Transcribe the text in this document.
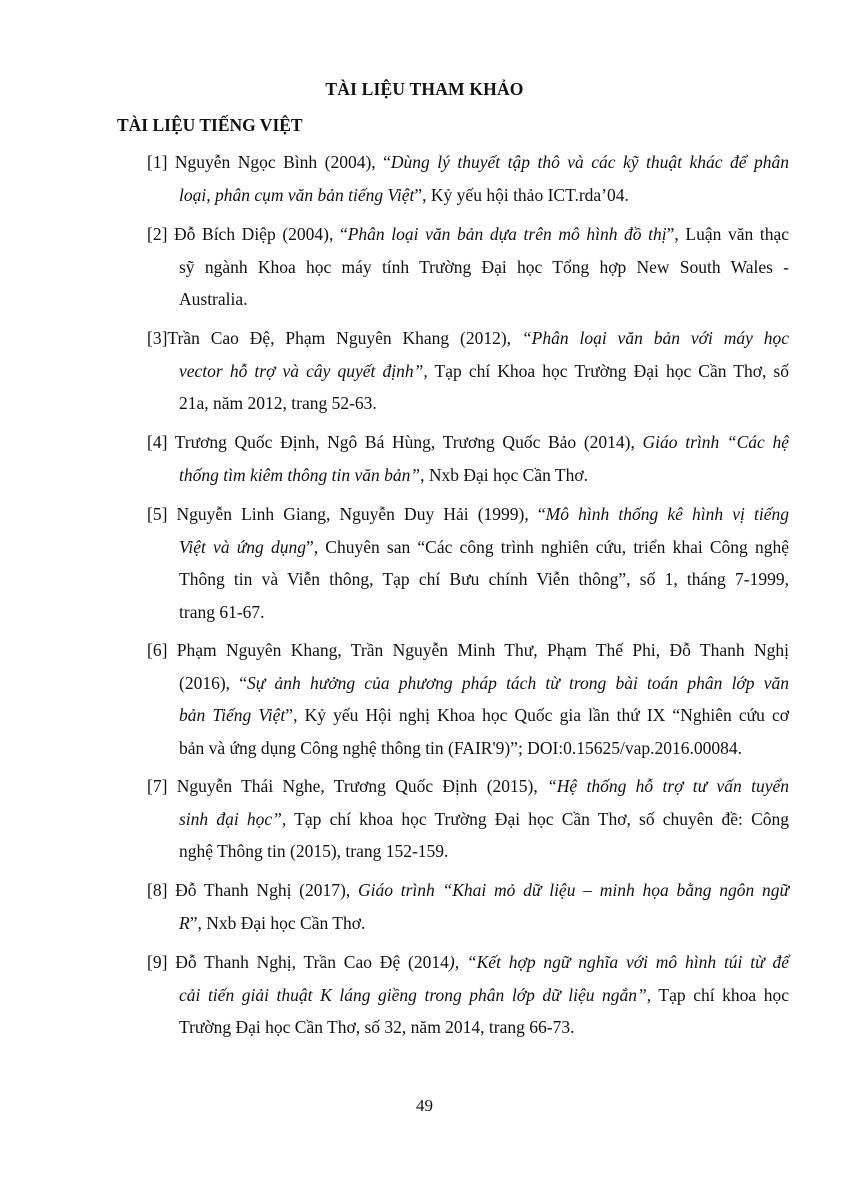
TÀI LIỆU THAM KHẢO
TÀI LIỆU TIẾNG VIỆT
[1] Nguyễn Ngọc Bình (2004), “Dùng lý thuyết tập thô và các kỹ thuật khác để phân
loại, phân cụm văn bản tiếng Việt”, Kỷ yếu hội thảo ICT.rda’04.
[2] Đỗ Bích Diệp (2004), “Phân loại văn bản dựa trên mô hình đồ thị”, Luận văn thạc
sỹ ngành Khoa học máy tính Trường Đại học Tổng hợp New South Wales -
Australia.
[3]Trần Cao Đệ, Phạm Nguyên Khang (2012), “Phân loại văn bản với máy học
vector hỗ trợ và cây quyết định”, Tạp chí Khoa học Trường Đại học Cần Thơ, số
21a, năm 2012, trang 52-63.
[4] Trương Quốc Định, Ngô Bá Hùng, Trương Quốc Bảo (2014), Giáo trình “Các hệ
thống tìm kiêm thông tin văn bản”, Nxb Đại học Cần Thơ.
[5] Nguyễn Linh Giang, Nguyễn Duy Hải (1999), “Mô hình thống kê hình vị tiếng
Việt và ứng dụng”, Chuyên san “Các công trình nghiên cứu, triển khai Công nghệ
Thông tin và Viễn thông, Tạp chí Bưu chính Viễn thông”, số 1, tháng 7-1999,
trang 61-67.
[6] Phạm Nguyên Khang, Trần Nguyễn Minh Thư, Phạm Thế Phi, Đỗ Thanh Nghị
(2016), “Sự ảnh hưởng của phương pháp tách từ trong bài toán phân lớp văn
bản Tiếng Việt”, Kỷ yếu Hội nghị Khoa học Quốc gia lần thứ IX “Nghiên cứu cơ
bản và ứng dụng Công nghệ thông tin (FAIR'9)”; DOI:0.15625/vap.2016.00084.
[7] Nguyễn Thái Nghe, Trương Quốc Định (2015), “Hệ thống hỗ trợ tư vấn tuyển
sinh đại học”, Tạp chí khoa học Trường Đại học Cần Thơ, số chuyên đề: Công
nghệ Thông tin (2015), trang 152-159.
[8] Đỗ Thanh Nghị (2017), Giáo trình “Khai mỏ dữ liệu – minh họa bằng ngôn ngữ
R”, Nxb Đại học Cần Thơ.
[9] Đỗ Thanh Nghị, Trần Cao Đệ (2014), “Kết hợp ngữ nghĩa với mô hình túi từ để
cải tiến giải thuật K láng giềng trong phân lớp dữ liệu ngắn”, Tạp chí khoa học
Trường Đại học Cần Thơ, số 32, năm 2014, trang 66-73.
49
